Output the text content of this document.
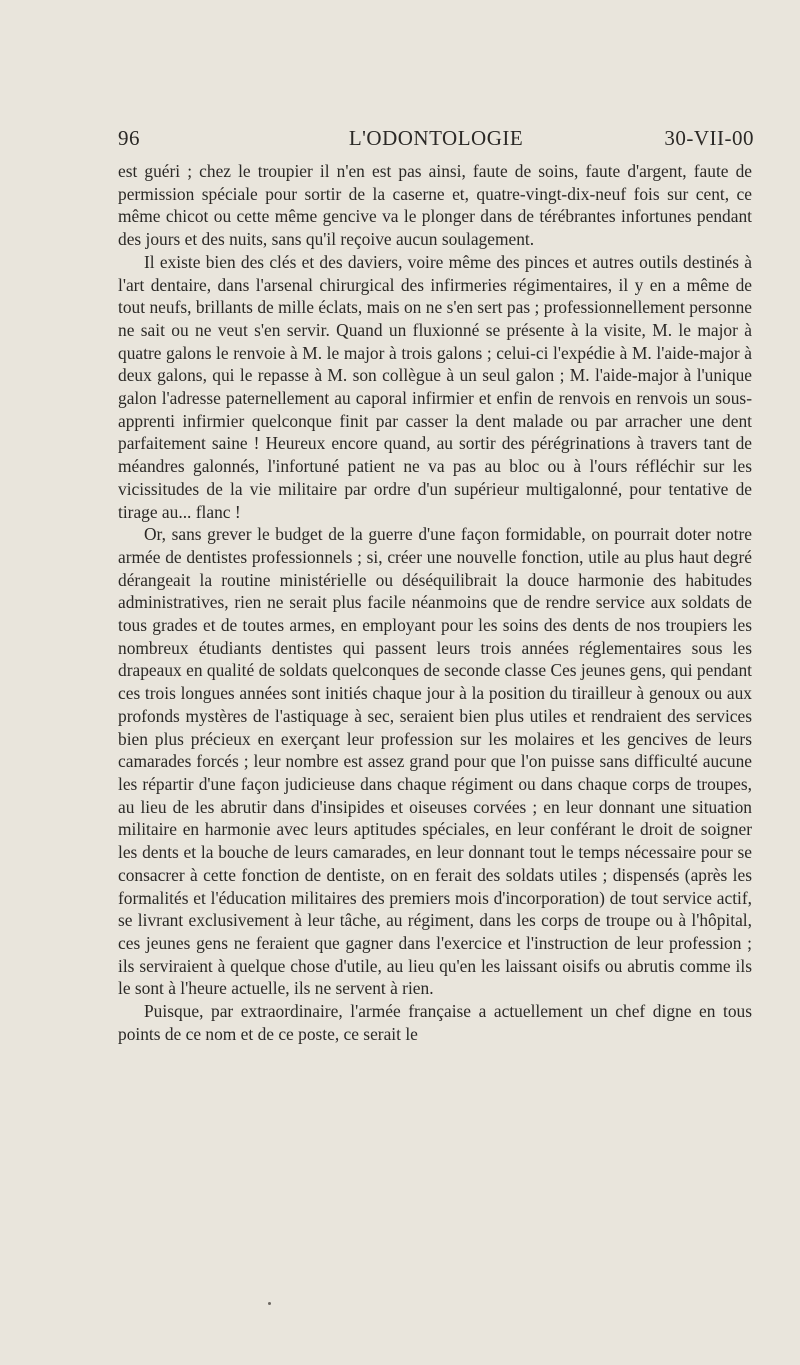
96	L'ODONTOLOGIE	30-VII-00

est guéri ; chez le troupier il n'en est pas ainsi, faute de soins, faute d'argent, faute de permission spéciale pour sortir de la caserne et, quatre-vingt-dix-neuf fois sur cent, ce même chicot ou cette même gencive va le plonger dans de térébrantes infortunes pendant des jours et des nuits, sans qu'il reçoive aucun soulagement.

Il existe bien des clés et des daviers, voire même des pinces et autres outils destinés à l'art dentaire, dans l'arsenal chirurgical des infirmeries régimentaires, il y en a même de tout neufs, brillants de mille éclats, mais on ne s'en sert pas ; professionnellement personne ne sait ou ne veut s'en servir. Quand un fluxionné se présente à la visite, M. le major à quatre galons le renvoie à M. le major à trois galons ; celui-ci l'expédie à M. l'aide-major à deux galons, qui le repasse à M. son collègue à un seul galon ; M. l'aide-major à l'unique galon l'adresse paternellement au caporal infirmier et enfin de renvois en renvois un sous-apprenti infirmier quelconque finit par casser la dent malade ou par arracher une dent parfaitement saine ! Heureux encore quand, au sortir des pérégrinations à travers tant de méandres galonnés, l'infortuné patient ne va pas au bloc ou à l'ours réfléchir sur les vicissitudes de la vie militaire par ordre d'un supérieur multigalonné, pour tentative de tirage au... flanc !

Or, sans grever le budget de la guerre d'une façon formidable, on pourrait doter notre armée de dentistes professionnels ; si, créer une nouvelle fonction, utile au plus haut degré dérangeait la routine ministérielle ou déséquilibrait la douce harmonie des habitudes administratives, rien ne serait plus facile néanmoins que de rendre service aux soldats de tous grades et de toutes armes, en employant pour les soins des dents de nos troupiers les nombreux étudiants dentistes qui passent leurs trois années réglementaires sous les drapeaux en qualité de soldats quelconques de seconde classe Ces jeunes gens, qui pendant ces trois longues années sont initiés chaque jour à la position du tirailleur à genoux ou aux profonds mystères de l'astiquage à sec, seraient bien plus utiles et rendraient des services bien plus précieux en exerçant leur profession sur les molaires et les gencives de leurs camarades forcés ; leur nombre est assez grand pour que l'on puisse sans difficulté aucune les répartir d'une façon judicieuse dans chaque régiment ou dans chaque corps de troupes, au lieu de les abrutir dans d'insipides et oiseuses corvées ; en leur donnant une situation militaire en harmonie avec leurs aptitudes spéciales, en leur conférant le droit de soigner les dents et la bouche de leurs camarades, en leur donnant tout le temps nécessaire pour se consacrer à cette fonction de dentiste, on en ferait des soldats utiles ; dispensés (après les formalités et l'éducation militaires des premiers mois d'incorporation) de tout service actif, se livrant exclusivement à leur tâche, au régiment, dans les corps de troupe ou à l'hôpital, ces jeunes gens ne feraient que gagner dans l'exercice et l'instruction de leur profession ; ils serviraient à quelque chose d'utile, au lieu qu'en les laissant oisifs ou abrutis comme ils le sont à l'heure actuelle, ils ne servent à rien.

Puisque, par extraordinaire, l'armée française a actuellement un chef digne en tous points de ce nom et de ce poste, ce serait le
